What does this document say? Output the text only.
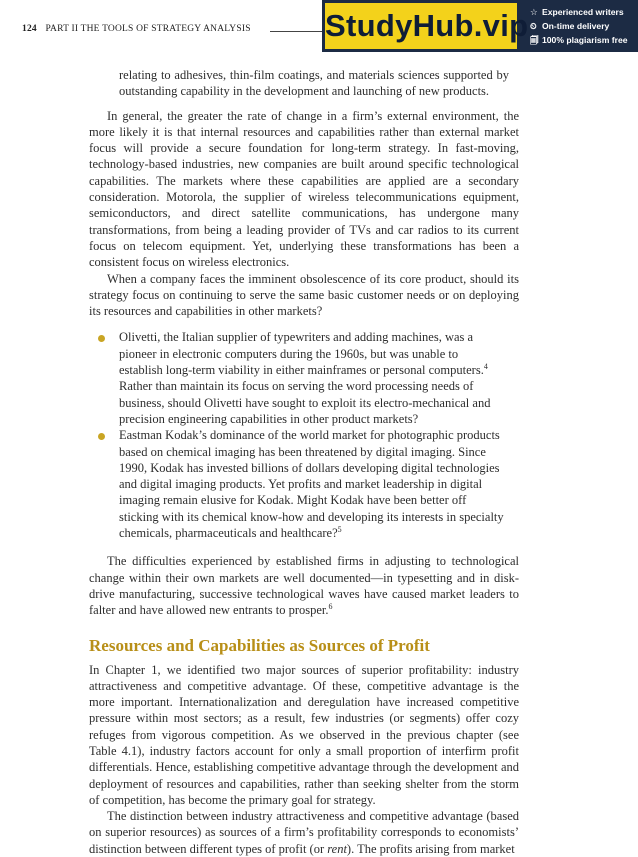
124 PART II THE TOOLS OF STRATEGY ANALYSIS	StudyHub.vip ☆ Experienced writers
⏲ On-time delivery
🗐 100% plagiarism free

relating to adhesives, thin-film coatings, and materials sciences supported by outstanding capability in the development and launching of new products.

In general, the greater the rate of change in a firm’s external environment, the more likely it is that internal resources and capabilities rather than external market focus will provide a secure foundation for long-term strategy. In fast-moving, technology-based industries, new companies are built around specific technological capabilities. The markets where these capabilities are applied are a secondary consideration. Motorola, the supplier of wireless telecommunications equipment, semiconductors, and direct satellite communications, has undergone many transformations, from being a leading provider of TVs and car radios to its current focus on telecom equipment. Yet, underlying these transformations has been a consistent focus on wireless electronics.

When a company faces the imminent obsolescence of its core product, should its strategy focus on continuing to serve the same basic customer needs or on deploying its resources and capabilities in other markets?

Olivetti, the Italian supplier of typewriters and adding machines, was a pioneer in electronic computers during the 1960s, but was unable to establish long-term viability in either mainframes or personal computers.$^4$ Rather than maintain its focus on serving the word processing needs of business, should Olivetti have sought to exploit its electro-mechanical and precision engineering capabilities in other product markets?
Eastman Kodak’s dominance of the world market for photographic products based on chemical imaging has been threatened by digital imaging. Since 1990, Kodak has invested billions of dollars developing digital technologies and digital imaging products. Yet profits and market leadership in digital imaging remain elusive for Kodak. Might Kodak have been better off sticking with its chemical know-how and developing its interests in specialty chemicals, pharmaceuticals and healthcare?$^5$

The difficulties experienced by established firms in adjusting to technological change within their own markets are well documented—in typesetting and in disk-drive manufacturing, successive technological waves have caused market leaders to falter and have allowed new entrants to prosper.$^6$

Resources and Capabilities as Sources of Profit

In Chapter 1, we identified two major sources of superior profitability: industry attractiveness and competitive advantage. Of these, competitive advantage is the more important. Internationalization and deregulation have increased competitive pressure within most sectors; as a result, few industries (or segments) offer cozy refuges from vigorous competition. As we observed in the previous chapter (see Table 4.1), industry factors account for only a small proportion of interfirm profit differentials. Hence, establishing competitive advantage through the development and deployment of resources and capabilities, rather than seeking shelter from the storm of competition, has become the primary goal for strategy.

The distinction between industry attractiveness and competitive advantage (based on superior resources) as sources of a firm’s profitability corresponds to economists’ distinction between different types of profit (or rent). The profits arising from market
